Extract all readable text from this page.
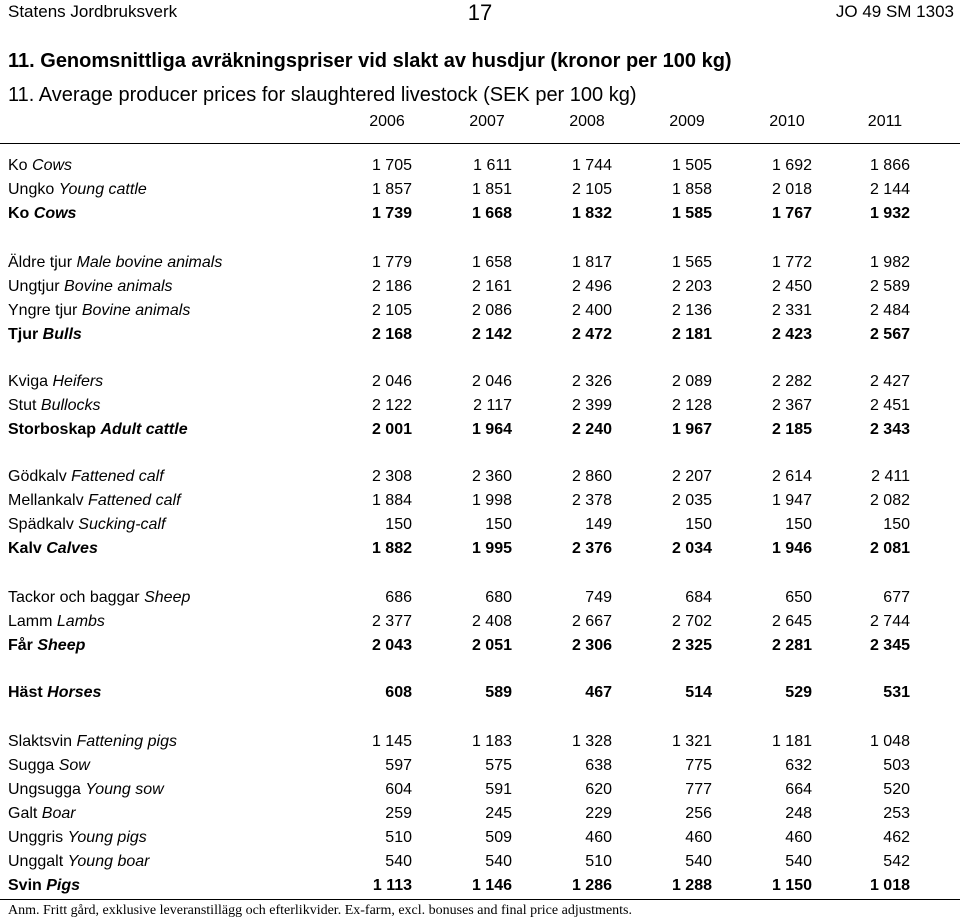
Statens Jordbruksverk	17	JO 49 SM 1303
11. Genomsnittliga avräkningspriser vid slakt av husdjur (kronor per 100 kg)
11. Average producer prices for slaughtered livestock (SEK per 100 kg)
2006	2007	2008	2009	2010	2011
Ko Cows	1 705	1 611	1 744	1 505	1 692	1 866
Ungko Young cattle	1 857	1 851	2 105	1 858	2 018	2 144
Ko Cows	1 739	1 668	1 832	1 585	1 767	1 932
Äldre tjur Male bovine animals	1 779	1 658	1 817	1 565	1 772	1 982
Ungtjur Bovine animals	2 186	2 161	2 496	2 203	2 450	2 589
Yngre tjur Bovine animals	2 105	2 086	2 400	2 136	2 331	2 484
Tjur Bulls	2 168	2 142	2 472	2 181	2 423	2 567
Kviga Heifers	2 046	2 046	2 326	2 089	2 282	2 427
Stut Bullocks	2 122	2 117	2 399	2 128	2 367	2 451
Storboskap Adult cattle	2 001	1 964	2 240	1 967	2 185	2 343
Gödkalv Fattened calf	2 308	2 360	2 860	2 207	2 614	2 411
Mellankalv Fattened calf	1 884	1 998	2 378	2 035	1 947	2 082
Spädkalv Sucking-calf	150	150	149	150	150	150
Kalv Calves	1 882	1 995	2 376	2 034	1 946	2 081
Tackor och baggar Sheep	686	680	749	684	650	677
Lamm Lambs	2 377	2 408	2 667	2 702	2 645	2 744
Får Sheep	2 043	2 051	2 306	2 325	2 281	2 345
Häst Horses	608	589	467	514	529	531
Slaktsvin Fattening pigs	1 145	1 183	1 328	1 321	1 181	1 048
Sugga Sow	597	575	638	775	632	503
Ungsugga Young sow	604	591	620	777	664	520
Galt Boar	259	245	229	256	248	253
Unggris Young pigs	510	509	460	460	460	462
Unggalt Young boar	540	540	510	540	540	542
Svin Pigs	1 113	1 146	1 286	1 288	1 150	1 018
Anm. Fritt gård, exklusive leveranstillägg och efterlikvider. Ex-farm, excl. bonuses and final price adjustments.
